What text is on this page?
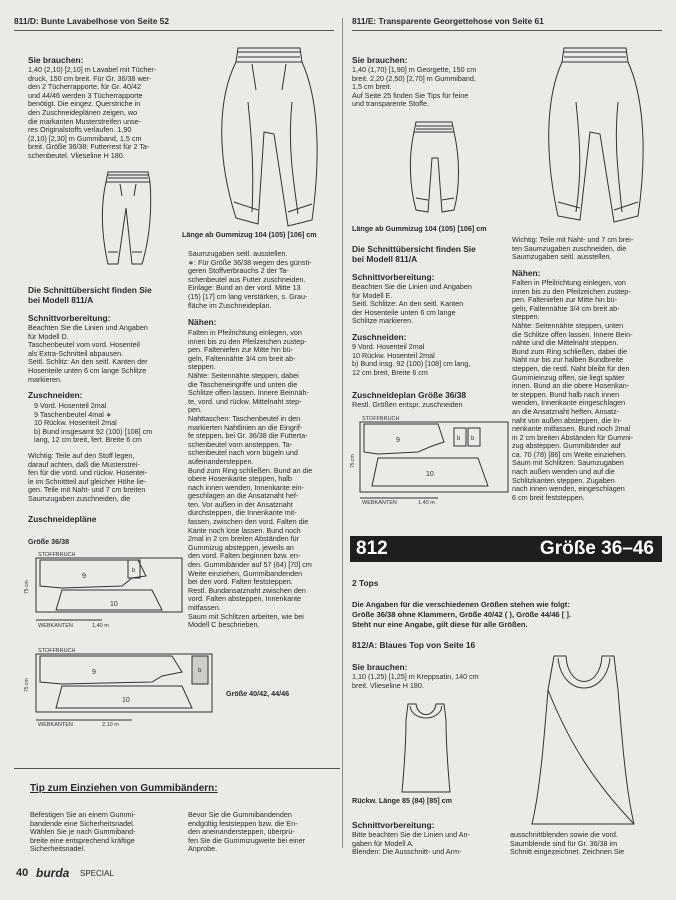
811/D: Bunte Lavabelhose von Seite 52
Sie brauchen:

1,40 (2,10) [2,10] m Lavabel mit Tücher-

druck, 150 cm breit. Für Gr. 36/38 wer-

den 2 Tücherrapporte, für Gr. 40/42

und 44/46 werden 3 Tücherrapporte

benötigt. Die eingez. Querstriche in

den Zuschneideplänen zeigen, wo

die markanten Musterstreifen unse-

res Originalstoffs verlaufen. 1,90

(2,10) [2,30] m Gummiband, 1,5 cm

breit. Größe 36/38: Futterrest für 2 Ta-

schenbeutel. Vlieseline H 180.

Länge ab Gummizug 104 (105) [106] cm
Die Schnittübersicht finden Sie
bei Modell 811/A
Schnittvorbereitung:

Beachten Sie die Linien und Angaben

für Modell D.

Taschenbeutel vom vord. Hosenteil

als Extra-Schnitteil abpausen.

Seitl. Schlitz: An den seitl. Kanten der

Hosenteile unten 6 cm lange Schlitze

markieren.

Zuschneiden:

9 Vord. Hosenteil 2mal

9 Taschenbeutel 4mal ∗

10 Rückw. Hosenteil 2mal

b) Bund insgesamt 92 (100) [108] cm

lang, 12 cm breit, fert. Breite 6 cm

Wichtig: Teile auf den Stoff legen,

darauf achten, daß die Musterstrei-

fen für die vord. und rückw. Hosentei-

le im Schnittteil auf gleicher Höhe lie-

gen. Teile mit Naht- und 7 cm breiten

Saumzugaben zuschneiden, die

Zuschneidepläne
Größe 36/38
STOFFBRUCH
75 cm
9
10
b
WEBKANTEN	1,40 m
STOFFBRUCH
75 cm
9
10
b
WEBKANTEN	2,10 m
Größe 40/42, 44/46

Saumzugaben seitl. ausstellen.

∗: Für Größe 36/38 wegen des günsti-

geren Stoffverbrauchs 2 der Ta-

schenbeutel aus Futter zuschneiden.

Einlage: Bund an der vord. Mitte 13

(15) [17] cm lang verstärken, s. Grau-

fläche im Zuschneideplan.

Nähen:

Falten in Pfeilrichtung einlegen, von

innen bis zu den Pfeilzeichen zustep-

pen. Falteniefen zur Mitte hin bü-

geln, Faltennähte 3/4 cm breit ab-

steppen.

Nähte: Seitennähte steppen, dabei

die Tascheneingriffe und unten die

Schlitze offen lassen. Innere Beinnäh-

te, vord. und rückw. Mittelnaht step-

pen.

Nahttaschen: Taschenbeutel in den

markierten Nahtlinien an die Eingrif-

fe steppen, bei Gr. 36/38 die Futterta-

schenbeutel vorn ansteppen. Ta-

schenbeutel nach vorn bügeln und

aufeinandersteppen.

Bund zum Ring schließen. Bund an die

obere Hosenkante steppen, halb

nach innen wenden, Innenkante ein-

geschlagen an die Ansatznaht hef-

ten. Vor außen in der Ansatznaht

durchsteppen, die Innenkante mit-

fassen, zwischen den vord. Falten die

Kante noch lose lassen. Bund noch

2mal in 2 cm breiten Abständen für

Gummizug absteppen, jeweils an

den vord. Falten beginnen bzw. en-

den. Gummibänder auf 57 (64) [70] cm

Weite einziehen, Gummibandenden

bei den vord. Falten feststeppen.

Restl. Bundansatznaht zwischen den

vord. Falten absteppen, Innenkante

mitfassen.

Saum mit Schlitzen arbeiten, wie bei

Modell C beschrieben.

811/E: Transparente Georgettehose von Seite 61
Sie brauchen:

1,40 (1,70) [1,90] m Georgette, 150 cm

breit. 2,20 (2,50) [2,70] m Gummiband,

1,5 cm breit.

Auf Seite 25 finden Sie Tips für feine

und transparente Stoffe.

Länge ab Gummizug 104 (105) [106] cm
Die Schnittübersicht finden Sie
bei Modell 811/A
Schnittvorbereitung:

Beachten Sie die Linien und Angaben

für Modell E.

Seitl. Schlitze: An den seitl. Kanten

der Hosenteile unten 6 cm lange

Schlitze markieren.

Zuschneiden:

9 Vord. Hosenteil 2mal

10 Rückw. Hosenteil 2mal

b) Bund insg. 92 (100) [108] cm lang,

12 cm breit, Breite 6 cm

Zuschneideplan Größe 36/38
Restl. Größen entspr. zuschneiden
STOFFBRUCH
75 cm
9
10
b b
WEBKANTEN	1,40 m

Wichtig: Teile mit Naht- und 7 cm brei-

ten Saumzugaben zuschneiden, die

Saumzugaben seitl. ausstellen.

Nähen:

Falten in Pfeilrichtung einlegen, von

innen bis zu den Pfeilzeichen zustep-

pen. Falteniefen zur Mitte hin bü-

geln, Faltennähte 3/4 cm breit ab-

steppen.

Nähte: Seitennähte steppen, unten

die Schlitze offen lassen. Innere Bein-

nähte und die Mittelnaht steppen.

Bund zum Ring schließen, dabei die

Naht nur bis zur halben Bundbreite

steppen, die restl. Naht bleibt für den

Gummieinzug offen, sie liegt später

innen. Bund an die obere Hosenkan-

te steppen. Bund halb nach innen

wenden, Innenkante eingeschlagen

an die Ansatznaht heften. Ansatz-

naht von außen absteppen, die In-

nenkante mitfassen. Bund noch 2mal

in 2 cm breiten Abständen für Gummi-

zug absteppen. Gummibänder auf

ca. 70 (78) [86] cm Weite einziehen.

Saum mit Schlitzen: Saumzugaben

nach außen wenden und auf die

Schlitzkanten steppen. Zugaben

nach innen wenden, eingeschlagen

6 cm breit feststeppen.

812	Größe 36–46
2 Tops

Die Angaben für die verschiedenen Größen stehen wie folgt:

Größe 36/38 ohne Klammern, Größe 40/42 ( ), Größe 44/46 [ ].

Steht nur eine Angabe, gilt diese für alle Größen.

812/A: Blaues Top von Seite 16
Sie brauchen:

1,10 (1,25) [1,25] m Kreppsatin, 140 cm

breit. Vlieseline H 180.

Rückw. Länge 85 (84) [85] cm
Schnittvorbereitung:

Bitte beachten Sie die Linien und An-

gaben für Modell A.

Blenden: Die Ausschnitt- und Arm-

ausschnittblenden sowie die vord.

Saumblende sind für Gr. 36/38 im

Schnitt eingezeichnet. Zeichnen Sie

Tip zum Einziehen von Gummibändern:

Befestigen Sie an einem Gummi-

bandende eine Sicherheitsnadel.

Wählen Sie je nach Gummiband-

breite eine entsprechend kräftige

Sicherheitsnadel.

Bevor Sie die Gummibandenden

endgültig feststeppen bzw. die En-

den aneinandersteppen, überprü-

fen Sie die Gummizugweite bei einer

Anprobe.

40 burda SPECIAL
